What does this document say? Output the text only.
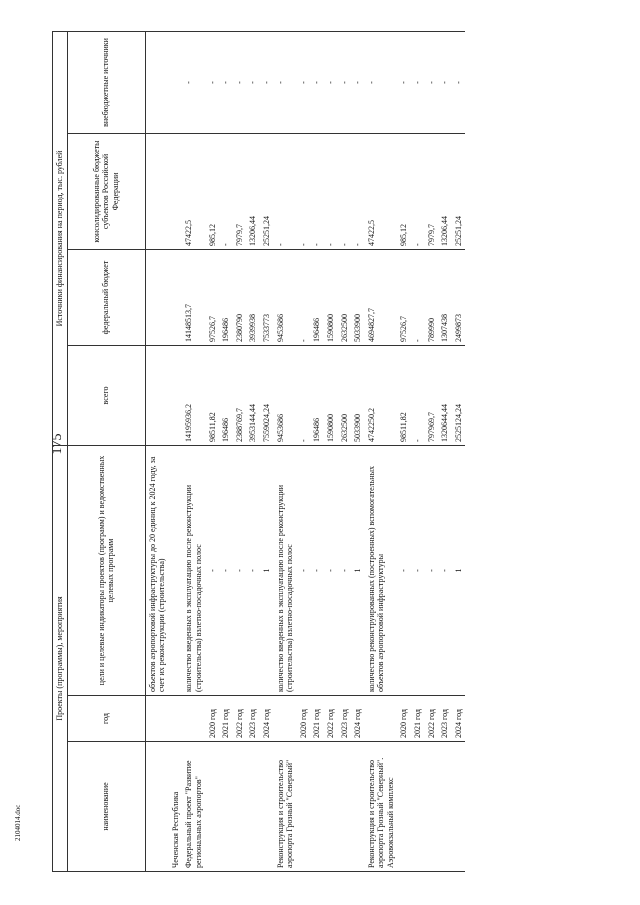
175
2104014.doc
Проекты (программы), мероприятия			Источники финансирования на период, тыс. рублей			
наименование	год	цели и целевые индикаторы проектов (программ) и ведомственных целевых программ	всего	федеральный бюджет	консолидированные бюджеты субъектов Российской Федерации	внебюджетные источники
		объектов аэропортовой инфраструктуры до 20 единиц к 2024 году, за счет их реконструкции (строительства)				
Чеченская Республика						
Федеральный проект "Развитие региональных аэропортов"		количество введенных в эксплуатацию после реконструкции (строительства) взлетно-посадочных полос	14195936,2	14148513,7	47422,5	-
	2020 год	-	98511,82	97526,7	985,12	-
	2021 год	-	196486	196486	-	-
	2022 год	-	2388769,7	2380790	7979,7	-
	2023 год	-	3953144,44	3939938	13206,44	-
	2024 год	1	7559024,24	7533773	25251,24	-
Реконструкция и строительство аэропорта Грозный "Северный"		количество введенных в эксплуатацию после реконструкции (строительства) взлетно-посадочных полос	9453686	9453686	-	-
	2020 год	-	-	-	-	-
	2021 год	-	196486	196486	-	-
	2022 год	-	1590800	1590800	-	-
	2023 год	-	2632500	2632500	-	-
	2024 год	1	5033900	5033900	-	-
Реконструкция и строительство аэропорта Грозный "Северный". Аэровокзальный комплекс		количество реконструированных (построенных) вспомогательных объектов аэропортовой инфраструктуры	4742250,2	4694827,7	47422,5	-
	2020 год	-	98511,82	97526,7	985,12	-
	2021 год	-	-	-	-	-
	2022 год	-	797969,7	789990	7979,7	-
	2023 год	-	1320644,44	1307438	13206,44	-
	2024 год	1	2525124,24	2499873	25251,24	-
